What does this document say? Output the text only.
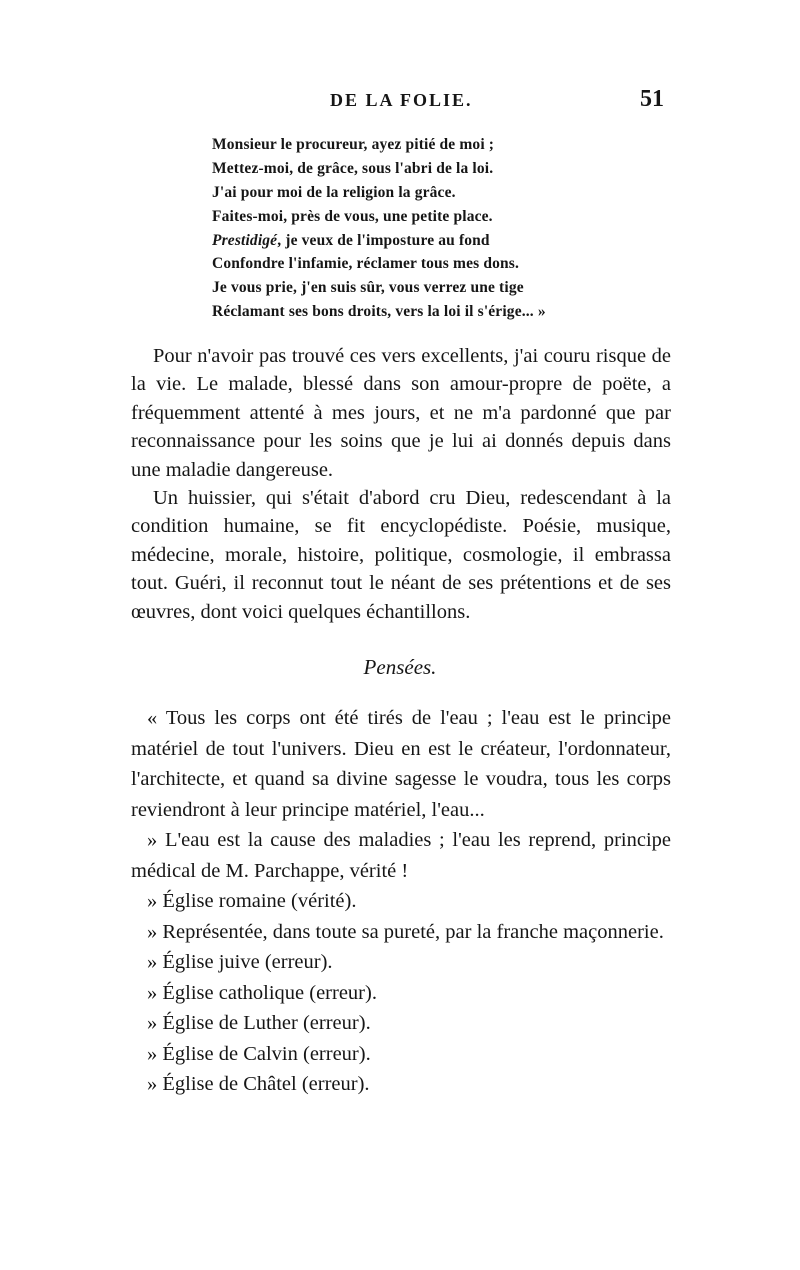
DE LA FOLIE.	51
Monsieur le procureur, ayez pitié de moi ;
Mettez-moi, de grâce, sous l'abri de la loi.
J'ai pour moi de la religion la grâce.
Faites-moi, près de vous, une petite place.
Prestidigé, je veux de l'imposture au fond
Confondre l'infamie, réclamer tous mes dons.
Je vous prie, j'en suis sûr, vous verrez une tige
Réclamant ses bons droits, vers la loi il s'érige... »

Pour n'avoir pas trouvé ces vers excellents, j'ai couru risque de la vie. Le malade, blessé dans son amour-propre de poëte, a fréquemment attenté à mes jours, et ne m'a pardonné que par reconnaissance pour les soins que je lui ai donnés depuis dans une maladie dangereuse.

Un huissier, qui s'était d'abord cru Dieu, redescendant à la condition humaine, se fit encyclopédiste. Poésie, musique, médecine, morale, histoire, politique, cosmologie, il embrassa tout. Guéri, il reconnut tout le néant de ses prétentions et de ses œuvres, dont voici quelques échantillons.

Pensées.

« Tous les corps ont été tirés de l'eau ; l'eau est le principe matériel de tout l'univers. Dieu en est le créateur, l'ordonnateur, l'architecte, et quand sa divine sagesse le voudra, tous les corps reviendront à leur principe matériel, l'eau...

» L'eau est la cause des maladies ; l'eau les reprend, principe médical de M. Parchappe, vérité !

» Église romaine (vérité).

» Représentée, dans toute sa pureté, par la franche maçonnerie.

» Église juive (erreur).

» Église catholique (erreur).

» Église de Luther (erreur).

» Église de Calvin (erreur).

» Église de Châtel (erreur).
